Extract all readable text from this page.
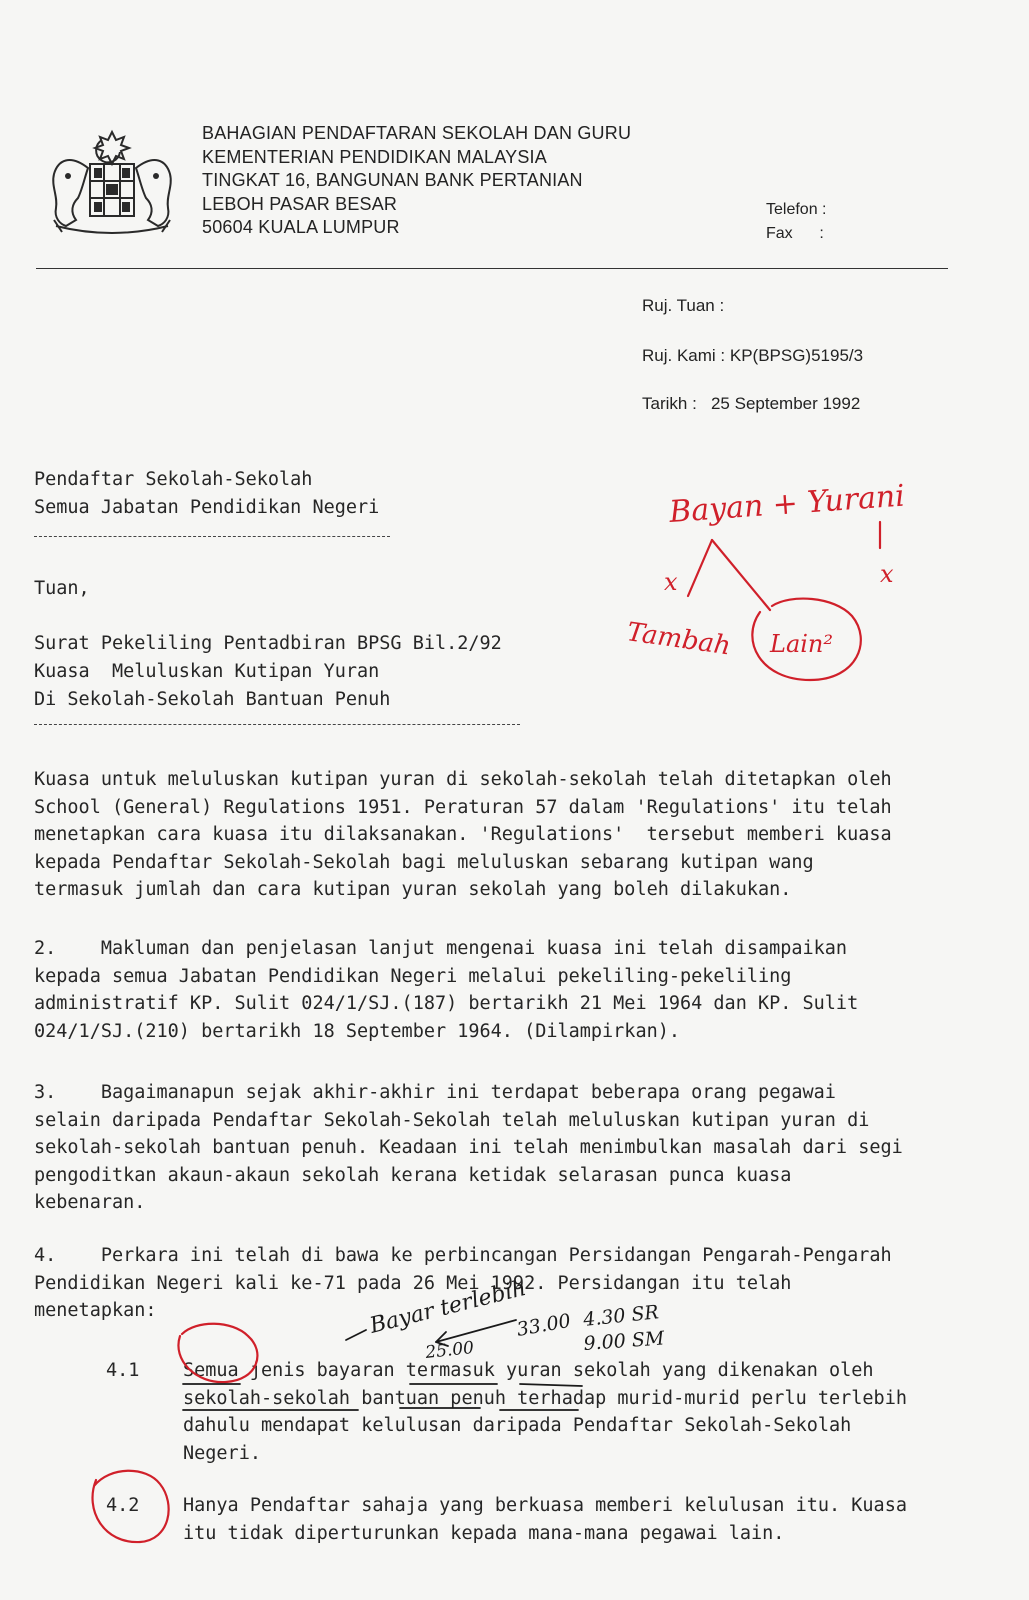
BAHAGIAN PENDAFTARAN SEKOLAH DAN GURU
KEMENTERIAN PENDIDIKAN MALAYSIA
TINGKAT 16, BANGUNAN BANK PERTANIAN
LEBOH PASAR BESAR
50604 KUALA LUMPUR
Telefon :
Fax      :
Ruj. Tuan :
Ruj. Kami : KP(BPSG)5195/3
Tarikh : 25 September 1992
Pendaftar Sekolah-Sekolah
Semua Jabatan Pendidikan Negeri
Tuan,
Surat Pekeliling Pentadbiran BPSG Bil.2/92
Kuasa  Meluluskan Kutipan Yuran
Di Sekolah-Sekolah Bantuan Penuh
Kuasa untuk meluluskan kutipan yuran di sekolah-sekolah telah ditetapkan oleh
School (General) Regulations 1951. Peraturan 57 dalam 'Regulations' itu telah
menetapkan cara kuasa itu dilaksanakan. 'Regulations'  tersebut memberi kuasa
kepada Pendaftar Sekolah-Sekolah bagi meluluskan sebarang kutipan wang
termasuk jumlah dan cara kutipan yuran sekolah yang boleh dilakukan.
2.    Makluman dan penjelasan lanjut mengenai kuasa ini telah disampaikan
kepada semua Jabatan Pendidikan Negeri melalui pekeliling-pekeliling
administratif KP. Sulit 024/1/SJ.(187) bertarikh 21 Mei 1964 dan KP. Sulit
024/1/SJ.(210) bertarikh 18 September 1964. (Dilampirkan).
3.    Bagaimanapun sejak akhir-akhir ini terdapat beberapa orang pegawai
selain daripada Pendaftar Sekolah-Sekolah telah meluluskan kutipan yuran di
sekolah-sekolah bantuan penuh. Keadaan ini telah menimbulkan masalah dari segi
pengoditkan akaun-akaun sekolah kerana ketidak selarasan punca kuasa
kebenaran.
4.    Perkara ini telah di bawa ke perbincangan Persidangan Pengarah-Pengarah
Pendidikan Negeri kali ke-71 pada 26 Mei 1992. Persidangan itu telah
menetapkan:
4.1 Semua jenis bayaran termasuk yuran sekolah yang dikenakan oleh
sekolah-sekolah bantuan penuh terhadap murid-murid perlu terlebih
dahulu mendapat kelulusan daripada Pendaftar Sekolah-Sekolah
Negeri.
4.2 Hanya Pendaftar sahaja yang berkuasa memberi kelulusan itu. Kuasa
itu tidak diperturunkan kepada mana-mana pegawai lain.
Bayan + Yurani
Tambah Lain²
x	x
Bayar terlebih
33.00
25.00
4.30 SR
9.00 SM
